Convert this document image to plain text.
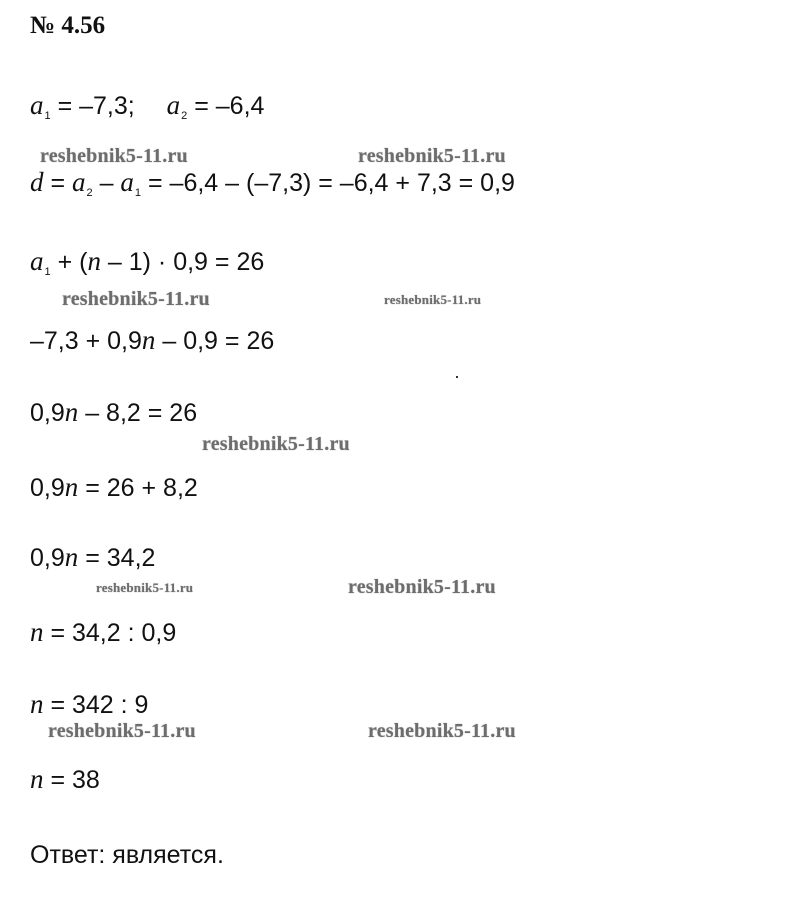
№ 4.56
$a_1 = -7,3$; $a_2 = -6,4$
$d = a_2 - a_1 = -6,4 - (-7,3) = -6,4 + 7,3 = 0,9$
$a_1 + (n - 1) \cdot 0,9 = 26$
–7,3 + 0,9n – 0,9 = 26
0,9n – 8,2 = 26
0,9n = 26 + 8,2
0,9n = 34,2
n = 34,2 : 0,9
n = 342 : 9
n = 38
Ответ: является.
reshebnik5-11.ru	reshebnik5-11.ru
reshebnik5-11.ru	reshebnik5-11.ru
reshebnik5-11.ru
reshebnik5-11.ru	reshebnik5-11.ru
reshebnik5-11.ru	reshebnik5-11.ru
